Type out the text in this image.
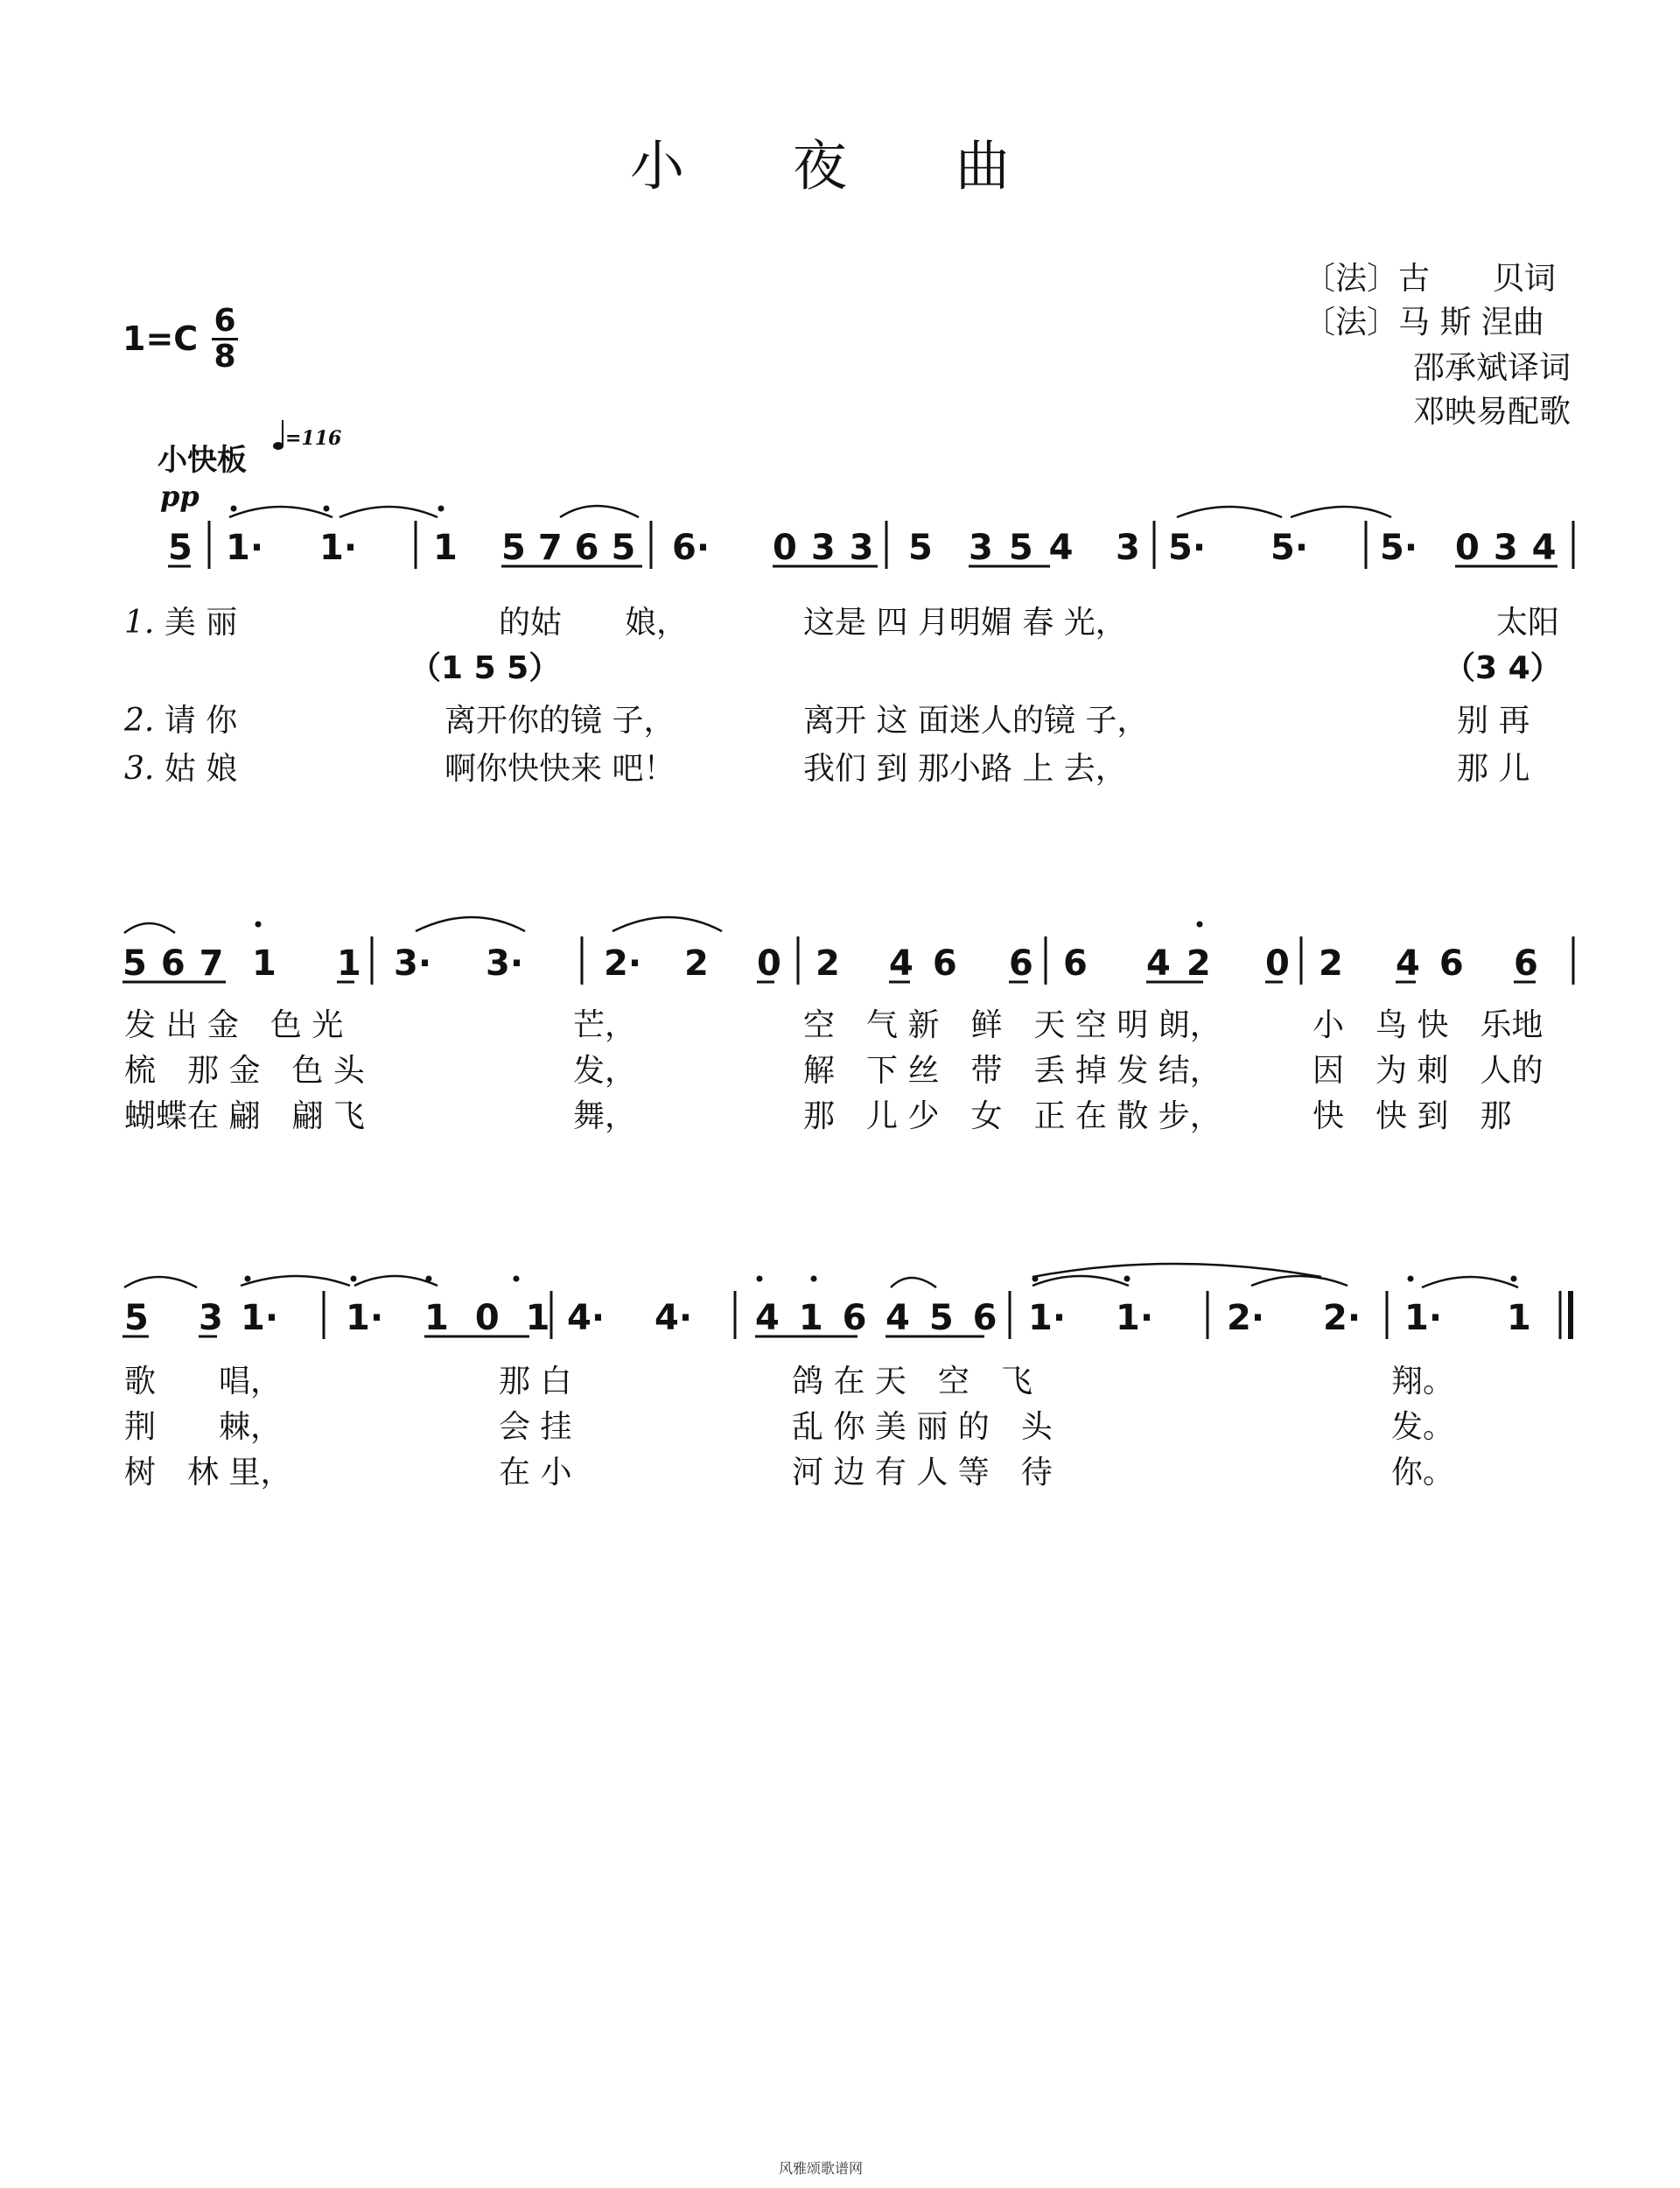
小　　夜　　曲
〔法〕古　　贝词
〔法〕马 斯 涅曲
邵承斌译词
邓映易配歌
1=C 6
8
小快板
=116
pp
5 1· 1· 1 5765 6· 033 5 354 3 5· 5· 5· 034
1. 美 丽	的姑　　娘，	这是 四 月明媚 春 光，	太阳
（1 5 5）	（3 4）
2. 请 你	离开你的镜 子，	离开 这 面迷人的镜 子，	别 再
3. 姑 娘	啊你快快来 吧！	我们 到 那小路 上 去，	那 儿
567 1 1 3· 3· 2· 2 0 2 46 6 6 42 0 2 46 6
发 出 金　色 光	芒，	空　气 新　鲜　天 空 明 朗，	小　鸟 快　乐地
梳　那 金　色 头	发，	解　下 丝　带　丢 掉 发 结，	因　为 刺　人的
蝴蝶在 翩　翩 飞	舞，	那　儿 少　女　正 在 散 步，	快　快 到　那
5 3 1· 1· 101
4· 4· 416 456 1· 1· 2· 2· 1· 1
歌　　唱，	那 白	鸽 在 天　空　飞	翔。
荆　　棘，	会 挂	乱 你 美 丽 的　头	发。
树　林 里，	在 小	河 边 有 人 等　待	你。
风雅颂歌谱网
